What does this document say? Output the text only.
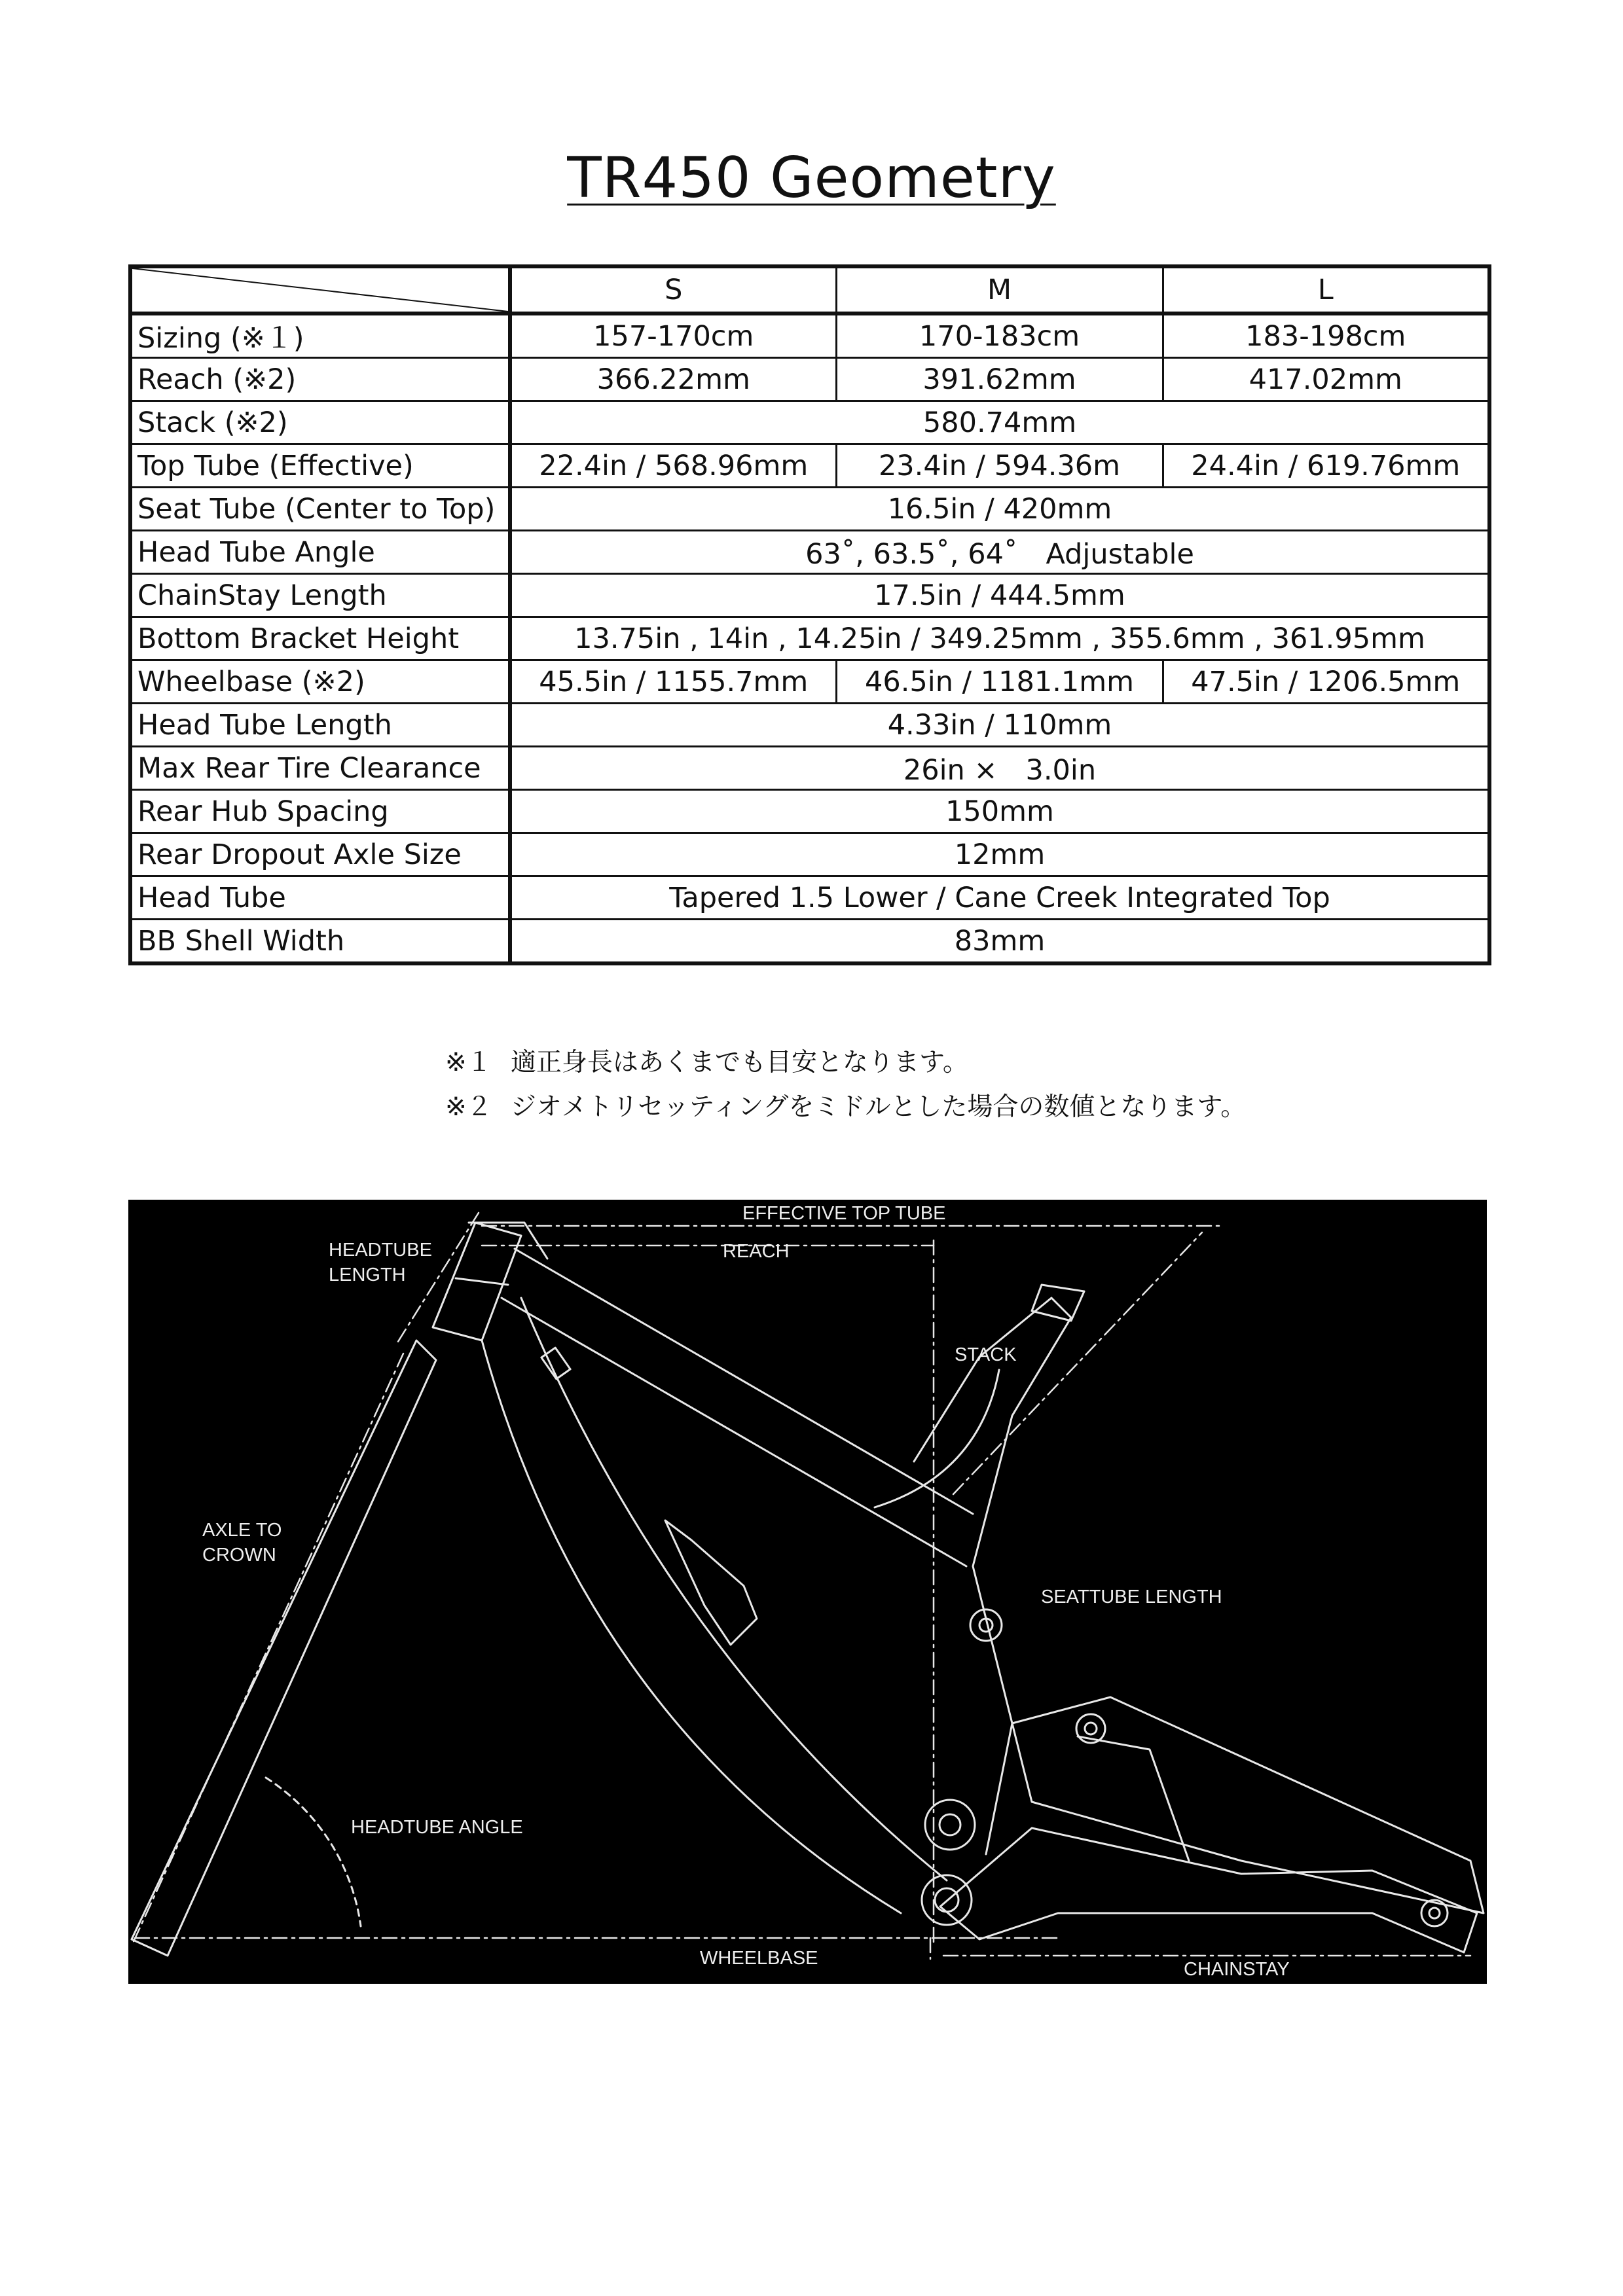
TR450 Geometry
	S	M	L
Sizing (※１)	157-170cm	170-183cm	183-198cm
Reach (※2)	366.22mm	391.62mm	417.02mm
Stack (※2)	580.74mm		
Top Tube (Effective)	22.4in / 568.96mm	23.4in / 594.36m	24.4in / 619.76mm
Seat Tube (Center to Top)	16.5in / 420mm		
Head Tube Angle	63˚, 63.5˚, 64˚　Adjustable		
ChainStay Length	17.5in / 444.5mm		
Bottom Bracket Height	13.75in , 14in , 14.25in / 349.25mm , 355.6mm , 361.95mm		
Wheelbase (※2)	45.5in / 1155.7mm	46.5in / 1181.1mm	47.5in / 1206.5mm
Head Tube Length	4.33in / 110mm		
Max Rear Tire Clearance	26in ×　3.0in		
Rear Hub Spacing	150mm		
Rear Dropout Axle Size	12mm		
Head Tube	Tapered 1.5 Lower / Cane Creek Integrated Top		
BB Shell Width	83mm		
※１ 適正身長はあくまでも目安となります。
※２ ジオメトリセッティングをミドルとした場合の数値となります。
EFFECTIVE TOP TUBE
REACH
HEADTUBE
LENGTH
STACK
AXLE TO
CROWN
SEATTUBE LENGTH
HEADTUBE ANGLE
WHEELBASE
CHAINSTAY
